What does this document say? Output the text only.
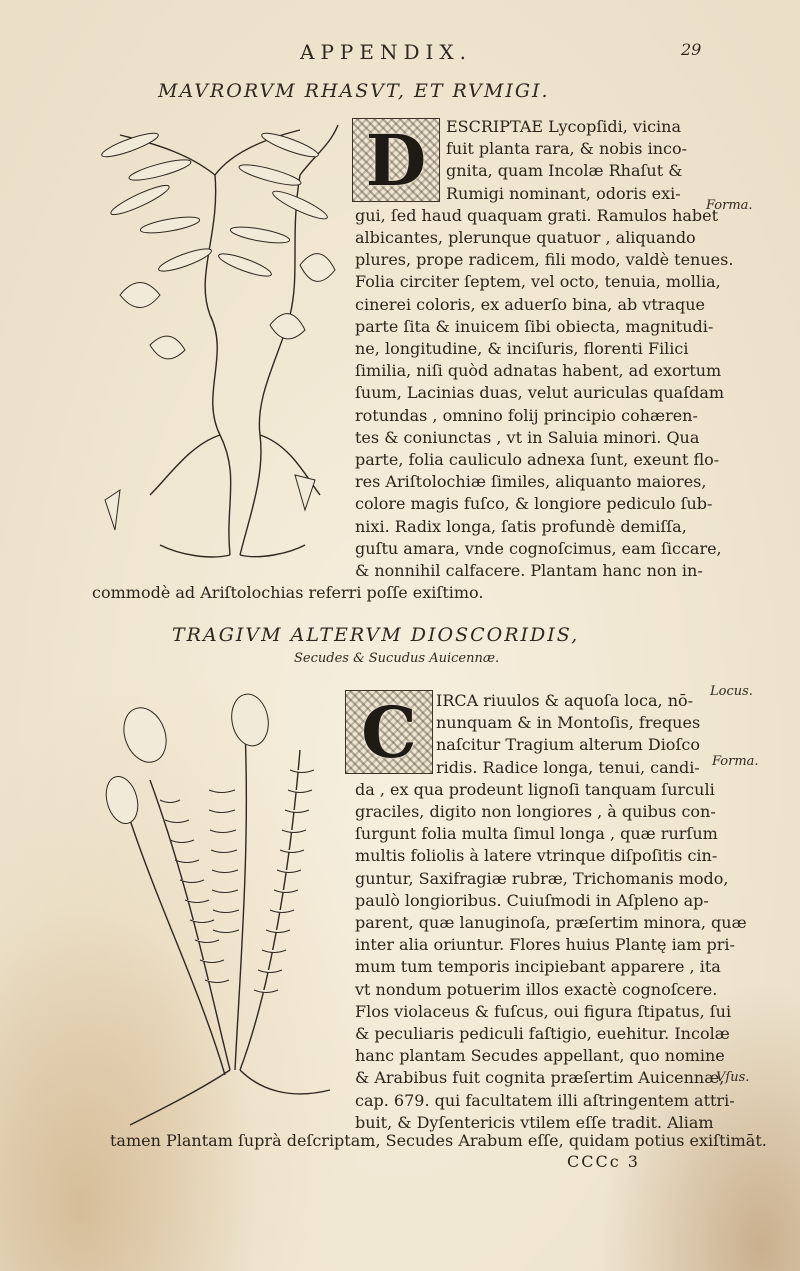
APPENDIX.	29
MAVRORVM RHASVT, ET RVMIGI.
D	ESCRIPTAE Lycopſidi, vicina
fuit planta rara, & nobis inco-
gnita, quam Incolæ Rhaſut &
Rumigi nominant, odoris exi-
gui, ſed haud quaquam grati. Ramulos habet
albicantes, plerunque quatuor , aliquando
plures, prope radicem, fili modo, valdè tenues.
Folia circiter ſeptem, vel octo, tenuia, mollia,
cinerei coloris, ex aduerſo bina, ab vtraque
parte ſita & inuicem ſibi obiecta, magnitudi-
ne, longitudine, & inciſuris, florenti Filici
ſimilia, niſi quòd adnatas habent, ad exortum
ſuum, Lacinias duas, velut auriculas quaſdam
rotundas , omnino folij principio cohæren-
tes & coniunctas , vt in Saluia minori. Qua
parte, folia cauliculo adnexa ſunt, exeunt flo-
res Ariſtolochiæ ſimiles, aliquanto maiores,
colore magis fuſco, & longiore pediculo ſub-
nixi. Radix longa, ſatis profundè demiſſa,
guſtu amara, vnde cognoſcimus, eam ſiccare,
& nonnihil calfacere. Plantam hanc non in-
commodè ad Ariſtolochias referri poſſe exiſtimo.
Forma.
TRAGIVM ALTERVM DIOSCORIDIS,
Secudes & Sucudus Auicennæ.
C	IRCA riuulos & aquoſa loca, nō-
nunquam & in Montoſis, freques
naſcitur Tragium alterum Dioſco
ridis. Radice longa, tenui, candi-
da , ex qua prodeunt lignoſi tanquam ſurculi
graciles, digito non longiores , à quibus con-
ſurgunt folia multa ſimul longa , quæ rurſum
multis foliolis à latere vtrinque diſpoſitis cin-
guntur, Saxifragiæ rubræ, Trichomanis modo,
paulò longioribus. Cuiuſmodi in Aſpleno ap-
parent, quæ lanuginoſa, præſertim minora, quæ
inter alia oriuntur. Flores huius Plantę iam pri-
mum tum temporis incipiebant apparere , ita
vt nondum potuerim illos exactè cognoſcere.
Flos violaceus & fuſcus, oui figura ſtipatus, ſui
& peculiaris pediculi faſtigio, euehitur. Incolæ
hanc plantam Secudes appellant, quo nomine
& Arabibus fuit cognita præſertim Auicennæ,
cap. 679. qui facultatem illi aſtringentem attri-
buit, & Dyſentericis vtilem eſſe tradit. Aliam
tamen Plantam ſuprà deſcriptam, Secudes Arabum eſſe, quidam potius exiſtimāt.
Locus.
Forma.
Vſus.
CCCc 3
